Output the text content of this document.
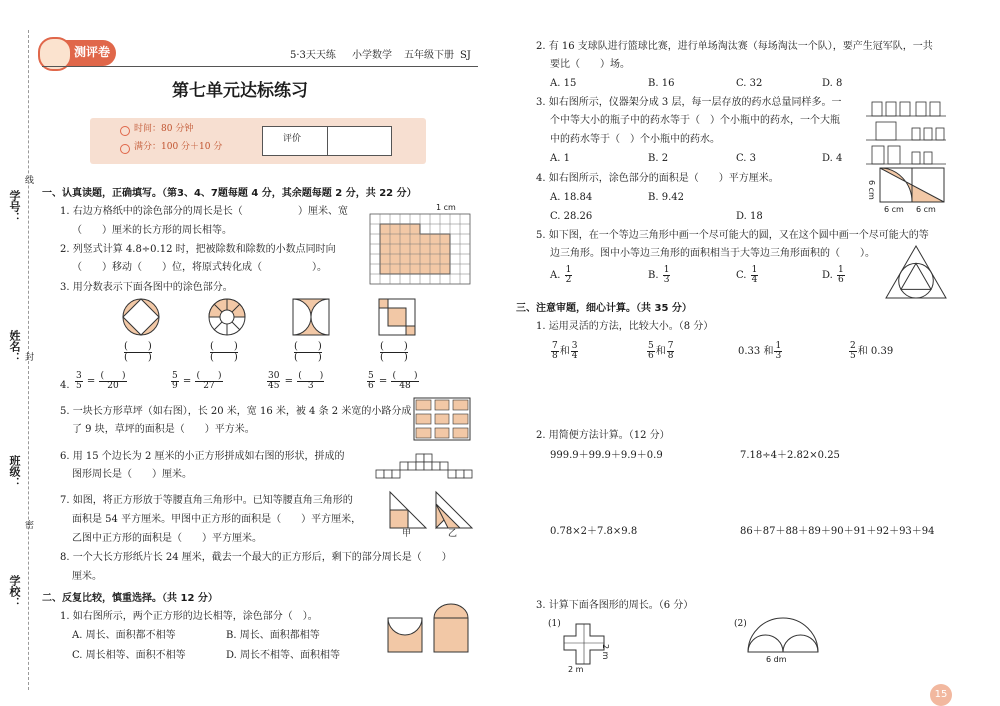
学号：
线
姓名： 封
班级：
密
学校：
测评卷	5·3天天练 小学数学 五年级下册 SJ
第七单元达标练习
时间：80 分钟
满分：100 分＋10 分
评价
一、认真读题，正确填写。（第3、4、7题每题 4 分，其余题每题 2 分，共 22 分）
1. 右边方格纸中的涂色部分的周长是长（	）厘米、宽
（　　）厘米的长方形的周长相等。
1 cm
2. 列竖式计算 4.8÷0.12 时，把被除数和除数的小数点同时向
（　　）移动（　　）位，将原式转化成（　　　　　）。
3. 用分数表示下面各图中的涂色部分。
(　　)

(　　)
(　　)

(　　)
(　　)

(　　)
(　　)

(　　)
4. $\frac{3}{5} = \frac{( )}{20}$	$\frac{5}{9} = \frac{( )}{27}$	$\frac{30}{45} = \frac{( )}{3}$	$\frac{5}{6} = \frac{( )}{48}$
5. 一块长方形草坪（如右图），长 20 米，宽 16 米，被 4 条 2 米宽的小路分成
了 9 块，草坪的面积是（　　）平方米。
6. 用 15 个边长为 2 厘米的小正方形拼成如右图的形状，拼成的
图形周长是（　　）厘米。
7. 如图，将正方形放于等腰直角三角形中。已知等腰直角三角形的
面积是 54 平方厘米。甲图中正方形的面积是（　　）平方厘米，
乙图中正方形的面积是（　　）平方厘米。	甲	乙
8. 一个大长方形纸片长 24 厘米，截去一个最大的正方形后，剩下的部分周长是（　　）
厘米。
二、反复比较，慎重选择。（共 12 分）
1. 如右图所示，两个正方形的边长相等，涂色部分（　）。
A. 周长、面积都不相等	B. 周长、面积都相等
C. 周长相等、面积不相等	D. 周长不相等、面积相等
2. 有 16 支球队进行篮球比赛，进行单场淘汰赛（每场淘汰一个队），要产生冠军队，一共
要比（　　）场。
A. 15	B. 16	C. 32	D. 8
3. 如右图所示，仪器架分成 3 层，每一层存放的药水总量同样多。一
个中等大小的瓶子中的药水等于（　）个小瓶中的药水，一个大瓶
中的药水等于（　）个小瓶中的药水。
A. 1	B. 2	C. 3	D. 4
4. 如右图所示，涂色部分的面积是（　　）平方厘米。
A. 18.84	B. 9.42
C. 28.26	D. 18
6 cm
6 cm 6 cm
5. 如下图，在一个等边三角形中画一个尽可能大的圆，又在这个圆中画一个尽可能大的等
边三角形。图中小等边三角形的面积相当于大等边三角形面积的（　　）。
A. $\frac{1}{2}$	B. $\frac{1}{3}$	C. $\frac{1}{4}$	D. $\frac{1}{6}$
三、注意审题，细心计算。（共 35 分）
1. 运用灵活的方法，比较大小。（8 分）
$\frac{7}{8}$ 和 $\frac{3}{4}$	$\frac{5}{6}$ 和 $\frac{7}{8}$	0.33 和 $\frac{1}{3}$	$\frac{2}{5}$ 和 0.39
2. 用简便方法计算。（12 分）
999.9＋99.9＋9.9＋0.9	7.18÷4＋2.82×0.25
0.78×2＋7.8×9.8	86＋87＋88＋89＋90＋91＋92＋93＋94
3. 计算下面各图形的周长。（6 分）
(1)	(2)
2 m
2 m
6 dm
15
